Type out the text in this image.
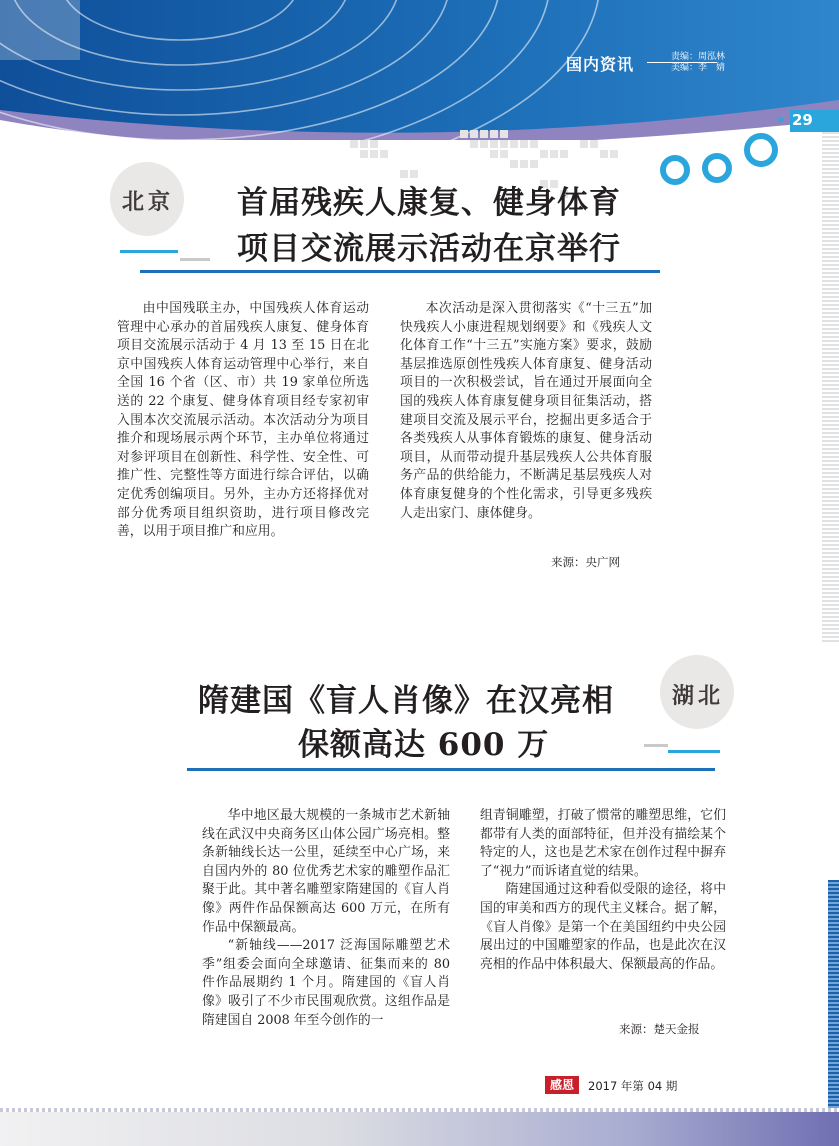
国内资讯	责编：周泓林
美编：李　婧
» 29
北京	首届残疾人康复、健身体育
项目交流展示活动在京举行

由中国残联主办，中国残疾人体育运动管理中心承办的首届残疾人康复、健身体育项目交流展示活动于 4 月 13 至 15 日在北京中国残疾人体育运动管理中心举行，来自全国 16 个省（区、市）共 19 家单位所选送的 22 个康复、健身体育项目经专家初审入围本次交流展示活动。本次活动分为项目推介和现场展示两个环节，主办单位将通过对参评项目在创新性、科学性、安全性、可推广性、完整性等方面进行综合评估，以确定优秀创编项目。另外，主办方还将择优对部分优秀项目组织资助，进行项目修改完善，以用于项目推广和应用。

本次活动是深入贯彻落实《“十三五”加快残疾人小康进程规划纲要》和《残疾人文化体育工作“十三五”实施方案》要求，鼓励基层推选原创性残疾人体育康复、健身活动项目的一次积极尝试，旨在通过开展面向全国的残疾人体育康复健身项目征集活动，搭建项目交流及展示平台，挖掘出更多适合于各类残疾人从事体育锻炼的康复、健身活动项目，从而带动提升基层残疾人公共体育服务产品的供给能力，不断满足基层残疾人对体育康复健身的个性化需求，引导更多残疾人走出家门、康体健身。

来源：央广网
湖北
隋建国《盲人肖像》在汉亮相
保额高达 600 万

华中地区最大规模的一条城市艺术新轴线在武汉中央商务区山体公园广场亮相。整条新轴线长达一公里，延续至中心广场，来自国内外的 80 位优秀艺术家的雕塑作品汇聚于此。其中著名雕塑家隋建国的《盲人肖像》两件作品保额高达 600 万元，在所有作品中保额最高。

“新轴线——2017 泛海国际雕塑艺术季”组委会面向全球邀请、征集而来的 80 件作品展期约 1 个月。隋建国的《盲人肖像》吸引了不少市民围观欣赏。这组作品是隋建国自 2008 年至今创作的一

组青铜雕塑，打破了惯常的雕塑思维，它们都带有人类的面部特征，但并没有描绘某个特定的人，这也是艺术家在创作过程中摒弃了“视力”而诉诸直觉的结果。

隋建国通过这种看似受限的途径，将中国的审美和西方的现代主义糅合。据了解，《盲人肖像》是第一个在美国纽约中央公园展出过的中国雕塑家的作品，也是此次在汉亮相的作品中体积最大、保额最高的作品。

来源：楚天金报
感恩	2017 年第 04 期
